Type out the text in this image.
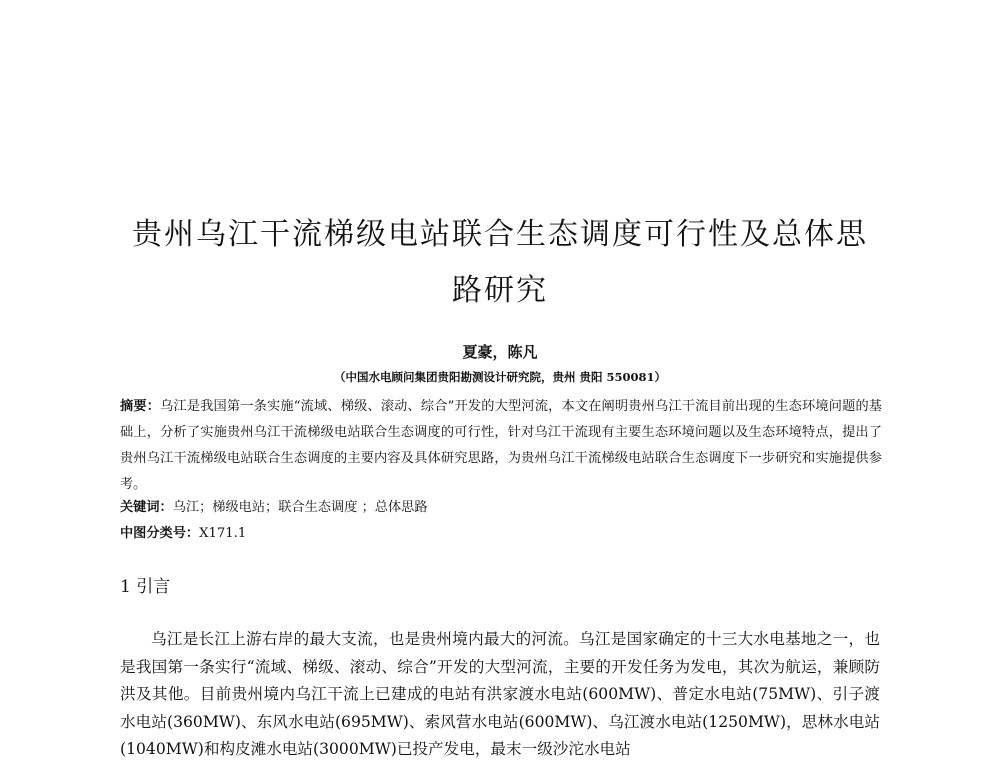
贵州乌江干流梯级电站联合生态调度可行性及总体思
路研究
夏豪，陈凡
（中国水电顾问集团贵阳勘测设计研究院，贵州 贵阳 550081）

摘要：乌江是我国第一条实施“流域、梯级、滚动、综合”开发的大型河流，本文在阐明贵州乌江干流目前出现的生态环境问题的基础上，分析了实施贵州乌江干流梯级电站联合生态调度的可行性，针对乌江干流现有主要生态环境问题以及生态环境特点，提出了贵州乌江干流梯级电站联合生态调度的主要内容及具体研究思路，为贵州乌江干流梯级电站联合生态调度下一步研究和实施提供参考。

关键词：乌江；梯级电站；联合生态调度 ；总体思路

中图分类号：X171.1

1 引言

乌江是长江上游右岸的最大支流，也是贵州境内最大的河流。乌江是国家确定的十三大水电基地之一，也是我国第一条实行“流域、梯级、滚动、综合”开发的大型河流，主要的开发任务为发电，其次为航运，兼顾防洪及其他。目前贵州境内乌江干流上已建成的电站有洪家渡水电站(600MW)、普定水电站(75MW)、引子渡水电站(360MW)、东风水电站(695MW)、索风营水电站(600MW)、乌江渡水电站(1250MW)，思林水电站(1040MW)和构皮滩水电站(3000MW)已投产发电，最末一级沙沱水电站
